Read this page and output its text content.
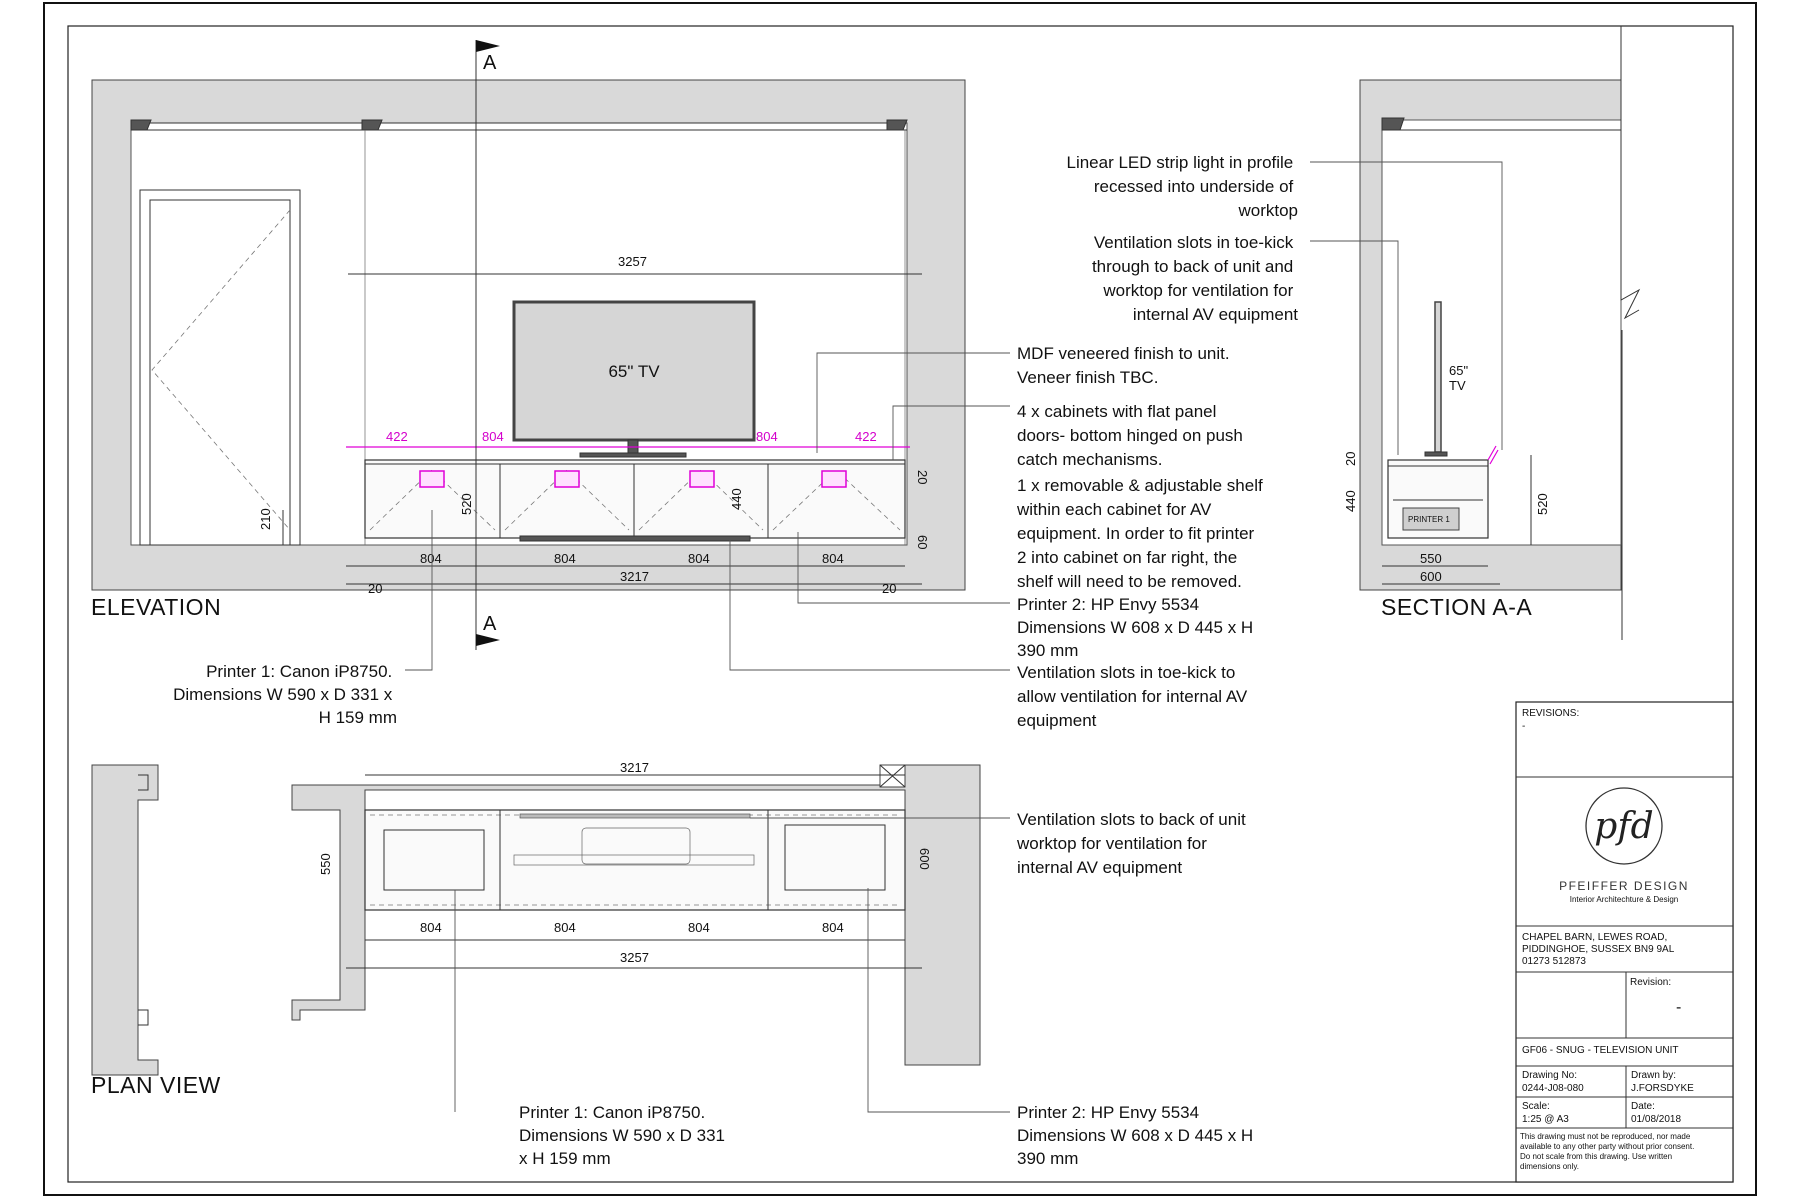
210
3257
65" TV
422	804	804	422
520	440
20
60
804	804	804	804
3217
20	20
ELEVATION
A
A
65"
TV
PRINTER 1
20
440	520
550
600
SECTION A-A
3217
550	600
804	804	804	804
3257
PLAN VIEW
Linear LED strip light in profile recessed into underside of worktop
Ventilation slots in toe-kick through to back of unit and worktop for ventilation for internal AV equipment
MDF veneered finish to unit. Veneer finish TBC.
4 x cabinets with flat panel doors- bottom hinged on push catch mechanisms.
1 x removable & adjustable shelf within each cabinet for AV equipment. In order to fit printer 2 into cabinet on far right, the shelf will need to be removed.
Printer 2: HP Envy 5534 Dimensions W 608 x D 445 x H 390 mm
Ventilation slots in toe-kick to allow ventilation for internal AV equipment
Printer 1: Canon iP8750. Dimensions W 590 x D 331 x H 159 mm
Ventilation slots to back of unit worktop for ventilation for internal AV equipment
Printer 1: Canon iP8750. Dimensions W 590 x D 331 x H 159 mm
Printer 2: HP Envy 5534 Dimensions W 608 x D 445 x H 390 mm
REVISIONS:
-
pfd
PFEIFFER DESIGN
Interior Architechture & Design
CHAPEL BARN, LEWES ROAD, PIDDINGHOE, SUSSEX BN9 9AL 01273 512873
Revision:
-
GF06 - SNUG - TELEVISION UNIT
Drawing No:
0244-J08-080
Drawn by:
J.FORSDYKE
Scale:
1:25 @ A3
Date:
01/08/2018
This drawing must not be reproduced, nor made available to any other party without prior consent. Do not scale from this drawing. Use written dimensions only.
